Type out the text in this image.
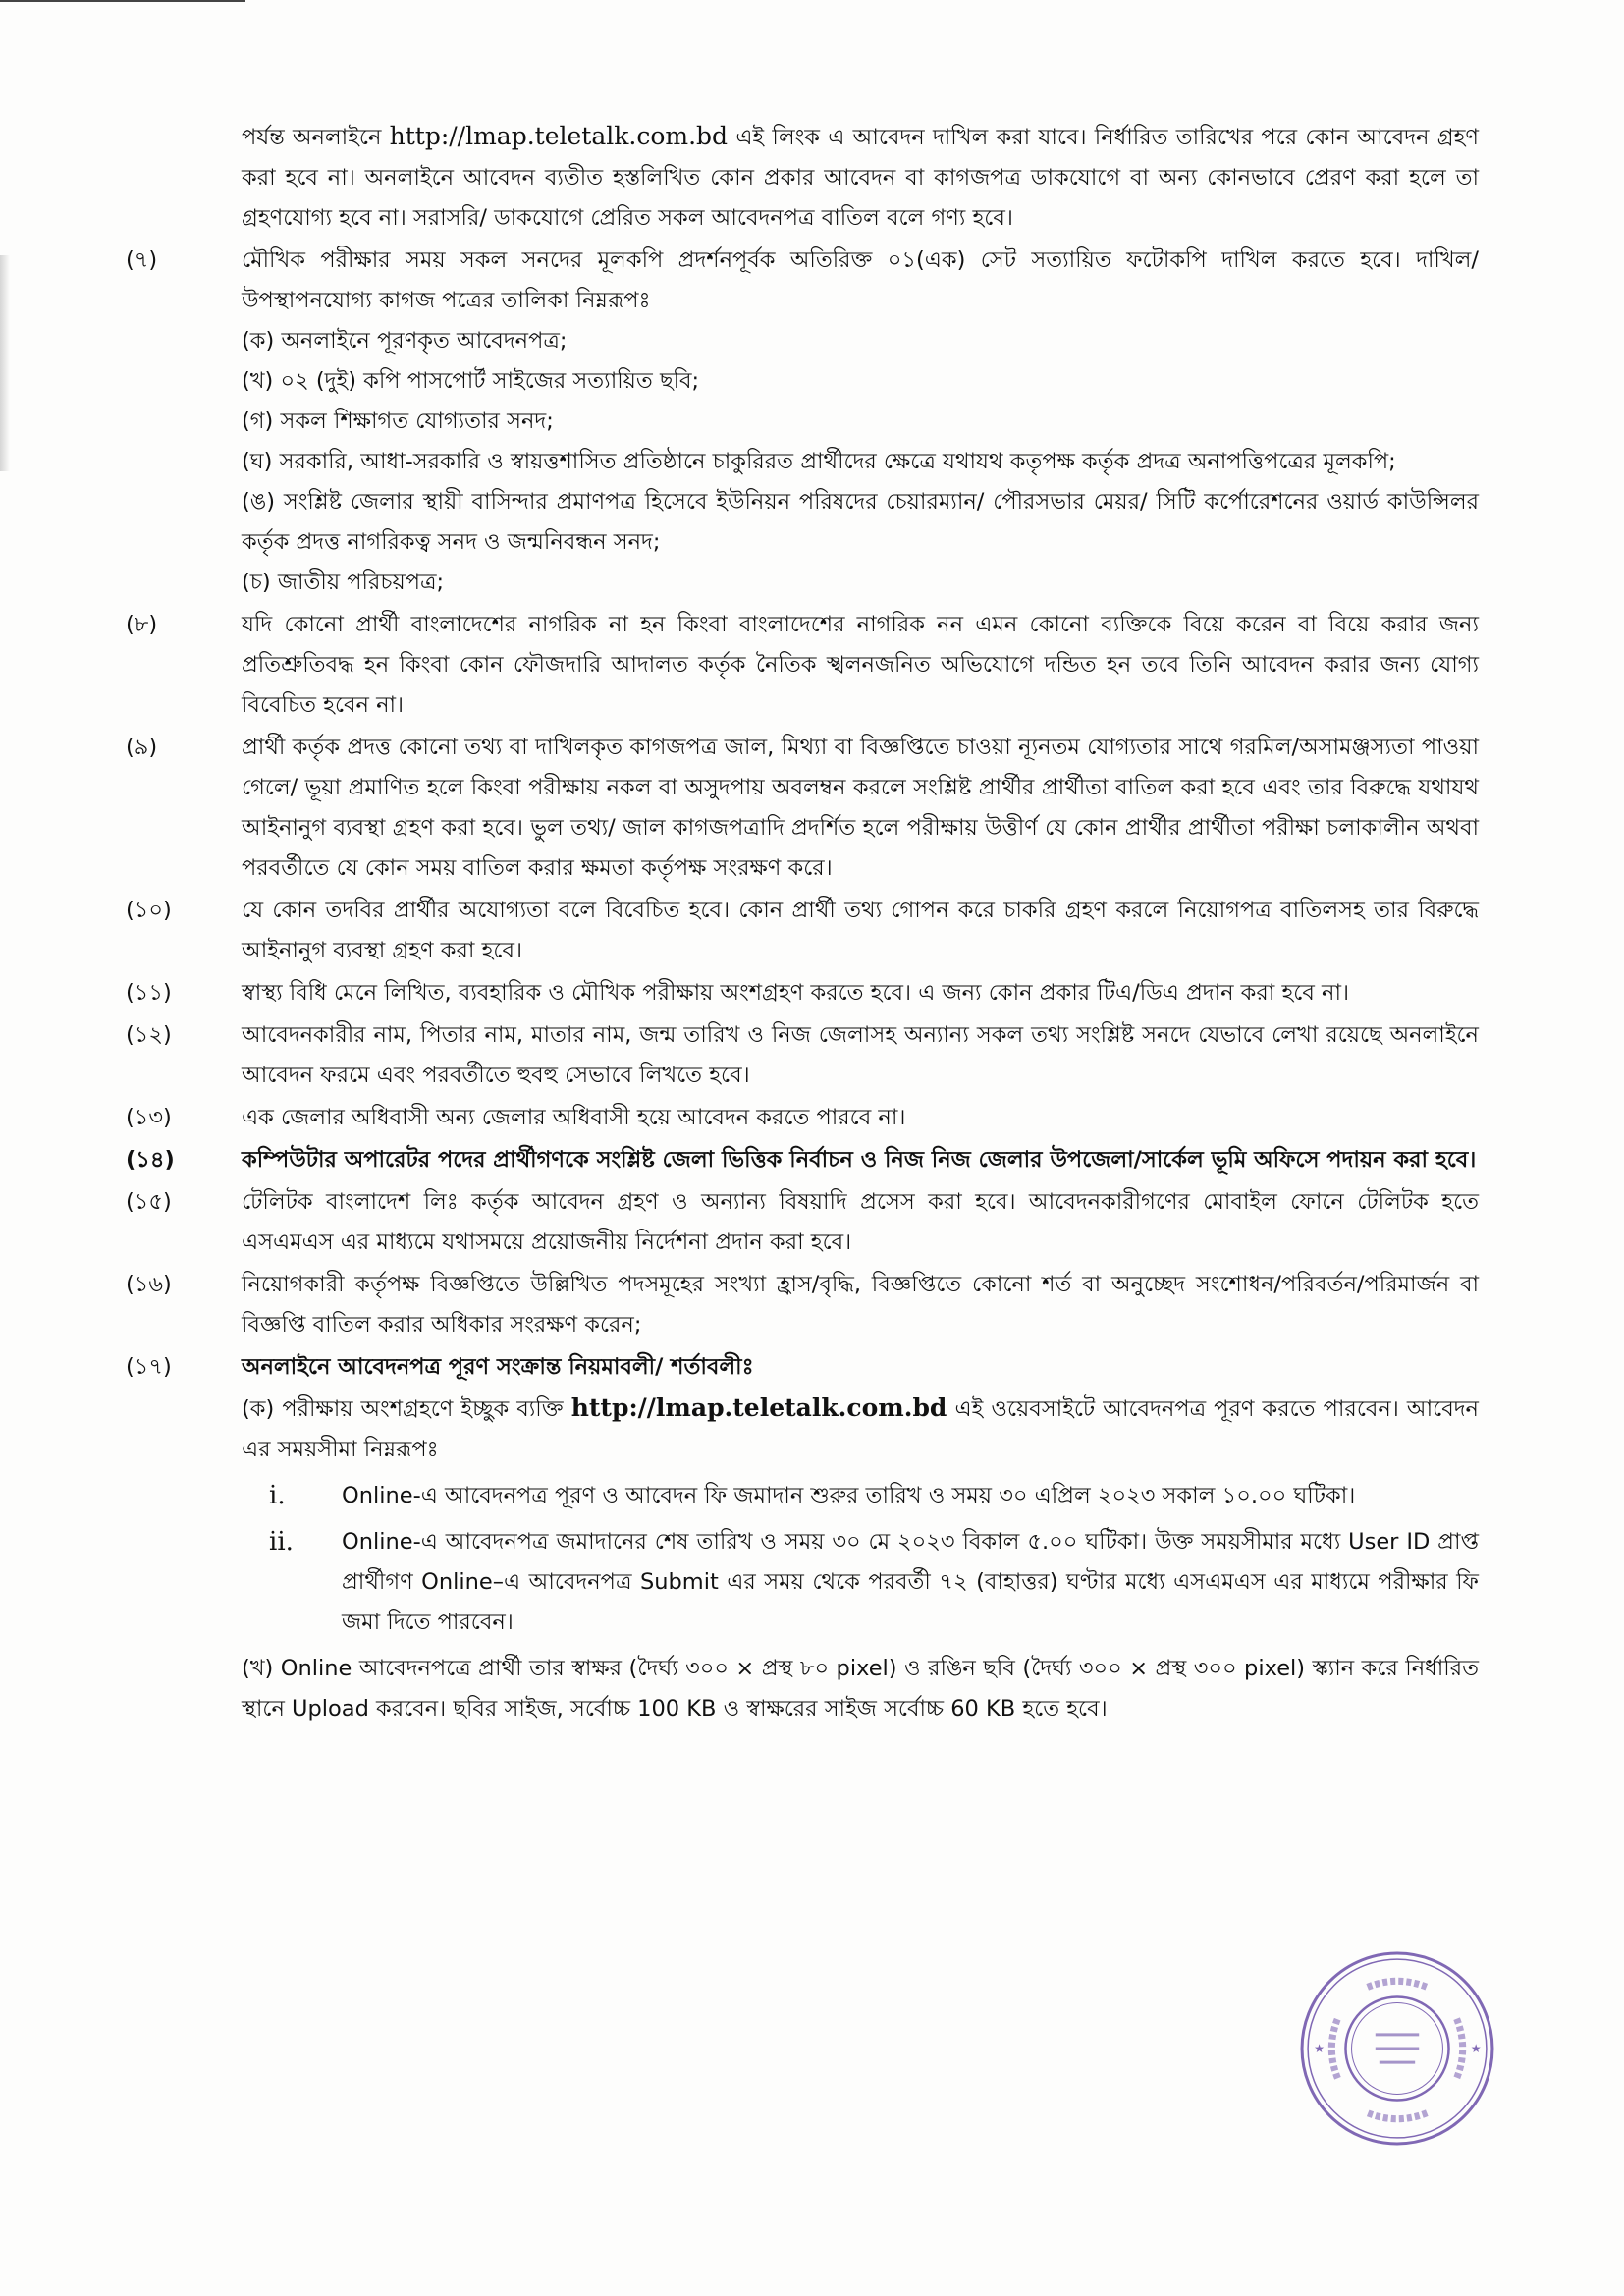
পর্যন্ত অনলাইনে http://lmap.teletalk.com.bd এই লিংক এ আবেদন দাখিল করা যাবে। নির্ধারিত তারিখের পরে কোন আবেদন গ্রহণ করা হবে না। অনলাইনে আবেদন ব্যতীত হস্তলিখিত কোন প্রকার আবেদন বা কাগজপত্র ডাকযোগে বা অন্য কোনভাবে প্রেরণ করা হলে তা গ্রহণযোগ্য হবে না। সরাসরি/ ডাকযোগে প্রেরিত সকল আবেদনপত্র বাতিল বলে গণ্য হবে।
(৭)	মৌখিক পরীক্ষার সময় সকল সনদের মূলকপি প্রদর্শনপূর্বক অতিরিক্ত ০১(এক) সেট সত্যায়িত ফটোকপি দাখিল করতে হবে। দাখিল/উপস্থাপনযোগ্য কাগজ পত্রের তালিকা নিম্নরূপঃ
(ক) অনলাইনে পূরণকৃত আবেদনপত্র;
(খ) ০২ (দুই) কপি পাসপোর্ট সাইজের সত্যায়িত ছবি;
(গ) সকল শিক্ষাগত যোগ্যতার সনদ;
(ঘ) সরকারি, আধা-সরকারি ও স্বায়ত্তশাসিত প্রতিষ্ঠানে চাকুরিরত প্রার্থীদের ক্ষেত্রে যথাযথ কতৃপক্ষ কর্তৃক প্রদত্র অনাপত্তিপত্রের মূলকপি;
(ঙ) সংশ্লিষ্ট জেলার স্থায়ী বাসিন্দার প্রমাণপত্র হিসেবে ইউনিয়ন পরিষদের চেয়ারম্যান/ পৌরসভার মেয়র/ সিটি কর্পোরেশনের ওয়ার্ড কাউন্সিলর কর্তৃক প্রদত্ত নাগরিকত্ব সনদ ও জন্মনিবন্ধন সনদ;
(চ) জাতীয় পরিচয়পত্র;
(৮)	যদি কোনো প্রার্থী বাংলাদেশের নাগরিক না হন কিংবা বাংলাদেশের নাগরিক নন এমন কোনো ব্যক্তিকে বিয়ে করেন বা বিয়ে করার জন্য প্রতিশ্রুতিবদ্ধ হন কিংবা কোন ফৌজদারি আদালত কর্তৃক নৈতিক স্খলনজনিত অভিযোগে দন্ডিত হন তবে তিনি আবেদন করার জন্য যোগ্য বিবেচিত হবেন না।
(৯)	প্রার্থী কর্তৃক প্রদত্ত কোনো তথ্য বা দাখিলকৃত কাগজপত্র জাল, মিথ্যা বা বিজ্ঞপ্তিতে চাওয়া ন্যূনতম যোগ্যতার সাথে গরমিল/অসামঞ্জস্যতা পাওয়া গেলে/ ভূয়া প্রমাণিত হলে কিংবা পরীক্ষায় নকল বা অসুদপায় অবলম্বন করলে সংশ্লিষ্ট প্রার্থীর প্রার্থীতা বাতিল করা হবে এবং তার বিরুদ্ধে যথাযথ আইনানুগ ব্যবস্থা গ্রহণ করা হবে। ভুল তথ্য/ জাল কাগজপত্রাদি প্রদর্শিত হলে পরীক্ষায় উত্তীর্ণ যে কোন প্রার্থীর প্রার্থীতা পরীক্ষা চলাকালীন অথবা পরবর্তীতে যে কোন সময় বাতিল করার ক্ষমতা কর্তৃপক্ষ সংরক্ষণ করে।
(১০)	যে কোন তদবির প্রার্থীর অযোগ্যতা বলে বিবেচিত হবে। কোন প্রার্থী তথ্য গোপন করে চাকরি গ্রহণ করলে নিয়োগপত্র বাতিলসহ তার বিরুদ্ধে আইনানুগ ব্যবস্থা গ্রহণ করা হবে।
(১১)	স্বাস্থ্য বিধি মেনে লিখিত, ব্যবহারিক ও মৌখিক পরীক্ষায় অংশগ্রহণ করতে হবে। এ জন্য কোন প্রকার টিএ/ডিএ প্রদান করা হবে না।
(১২)	আবেদনকারীর নাম, পিতার নাম, মাতার নাম, জন্ম তারিখ ও নিজ জেলাসহ অন্যান্য সকল তথ্য সংশ্লিষ্ট সনদে যেভাবে লেখা রয়েছে অনলাইনে আবেদন ফরমে এবং পরবর্তীতে হুবহু সেভাবে লিখতে হবে।
(১৩)	এক জেলার অধিবাসী অন্য জেলার অধিবাসী হয়ে আবেদন করতে পারবে না।
(১৪)	কম্পিউটার অপারেটর পদের প্রার্থীগণকে সংশ্লিষ্ট জেলা ভিত্তিক নির্বাচন ও নিজ নিজ জেলার উপজেলা/সার্কেল ভূমি অফিসে পদায়ন করা হবে।
(১৫)	টেলিটক বাংলাদেশ লিঃ কর্তৃক আবেদন গ্রহণ ও অন্যান্য বিষয়াদি প্রসেস করা হবে। আবেদনকারীগণের মোবাইল ফোনে টেলিটক হতে এসএমএস এর মাধ্যমে যথাসময়ে প্রয়োজনীয় নির্দেশনা প্রদান করা হবে।
(১৬)	নিয়োগকারী কর্তৃপক্ষ বিজ্ঞপ্তিতে উল্লিখিত পদসমূহের সংখ্যা হ্রাস/বৃদ্ধি, বিজ্ঞপ্তিতে কোনো শর্ত বা অনুচ্ছেদ সংশোধন/পরিবর্তন/পরিমার্জন বা বিজ্ঞপ্তি বাতিল করার অধিকার সংরক্ষণ করেন;
(১৭)	অনলাইনে আবেদনপত্র পূরণ সংক্রান্ত নিয়মাবলী/ শর্তাবলীঃ
(ক) পরীক্ষায় অংশগ্রহণে ইচ্ছুক ব্যক্তি http://lmap.teletalk.com.bd এই ওয়েবসাইটে আবেদনপত্র পূরণ করতে পারবেন। আবেদন এর সময়সীমা নিম্নরূপঃ
i.	Online-এ আবেদনপত্র পূরণ ও আবেদন ফি জমাদান শুরুর তারিখ ও সময় ৩০ এপ্রিল ২০২৩ সকাল ১০.০০ ঘটিকা।
ii. Online-এ আবেদনপত্র জমাদানের শেষ তারিখ ও সময় ৩০ মে ২০২৩ বিকাল ৫.০০ ঘটিকা। উক্ত সময়সীমার মধ্যে User ID প্রাপ্ত প্রার্থীগণ Online–এ আবেদনপত্র Submit এর সময় থেকে পরবর্তী ৭২ (বাহাত্তর) ঘণ্টার মধ্যে এসএমএস এর মাধ্যমে পরীক্ষার ফি জমা দিতে পারবেন।
(খ) Online আবেদনপত্রে প্রার্থী তার স্বাক্ষর (দৈর্ঘ্য ৩০০ × প্রস্থ ৮০ pixel) ও রঙিন ছবি (দৈর্ঘ্য ৩০০ × প্রস্থ ৩০০ pixel) স্ক্যান করে নির্ধারিত স্থানে Upload করবেন। ছবির সাইজ, সর্বোচ্চ 100 KB ও স্বাক্ষরের সাইজ সর্বোচ্চ 60 KB হতে হবে।
★	★
